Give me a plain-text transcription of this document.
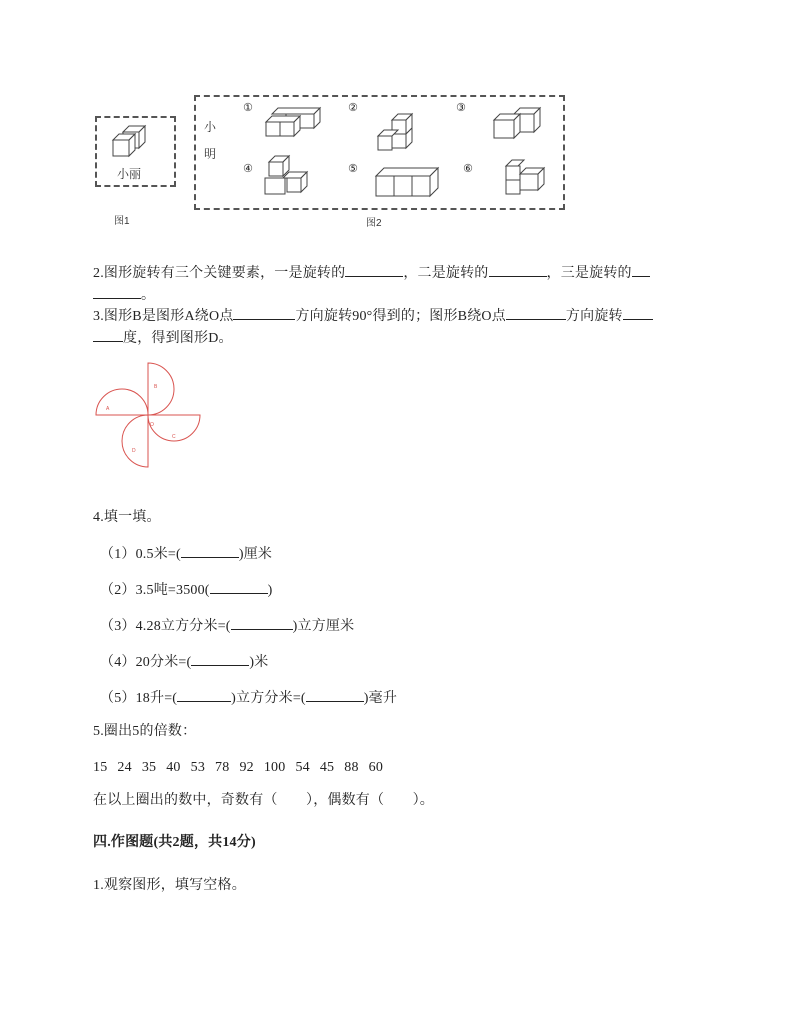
小丽
图1
小
明
①	②	③
④	⑤	⑥
图2
2.图形旋转有三个关键要素，一是旋转的	，二是旋转的	，三是旋转的
。
3.图形B是图形A绕O点	方向旋转90°得到的；图形B绕O点	方向旋转
度，得到图形D。
A
B
C
D
O
4.填一填。
（1）0.5米=(	)厘米
（2）3.5吨=3500(	)
（3）4.28立方分米=(	)立方厘米
（4）20分米=(	)米
（5）18升=(	)立方分米=(	)毫升
5.圈出5的倍数：
15 24 35 40 53 78 92 100 54 45 88 60
在以上圈出的数中，奇数有（　　），偶数有（　　）。
四.作图题(共2题，共14分)
1.观察图形，填写空格。
